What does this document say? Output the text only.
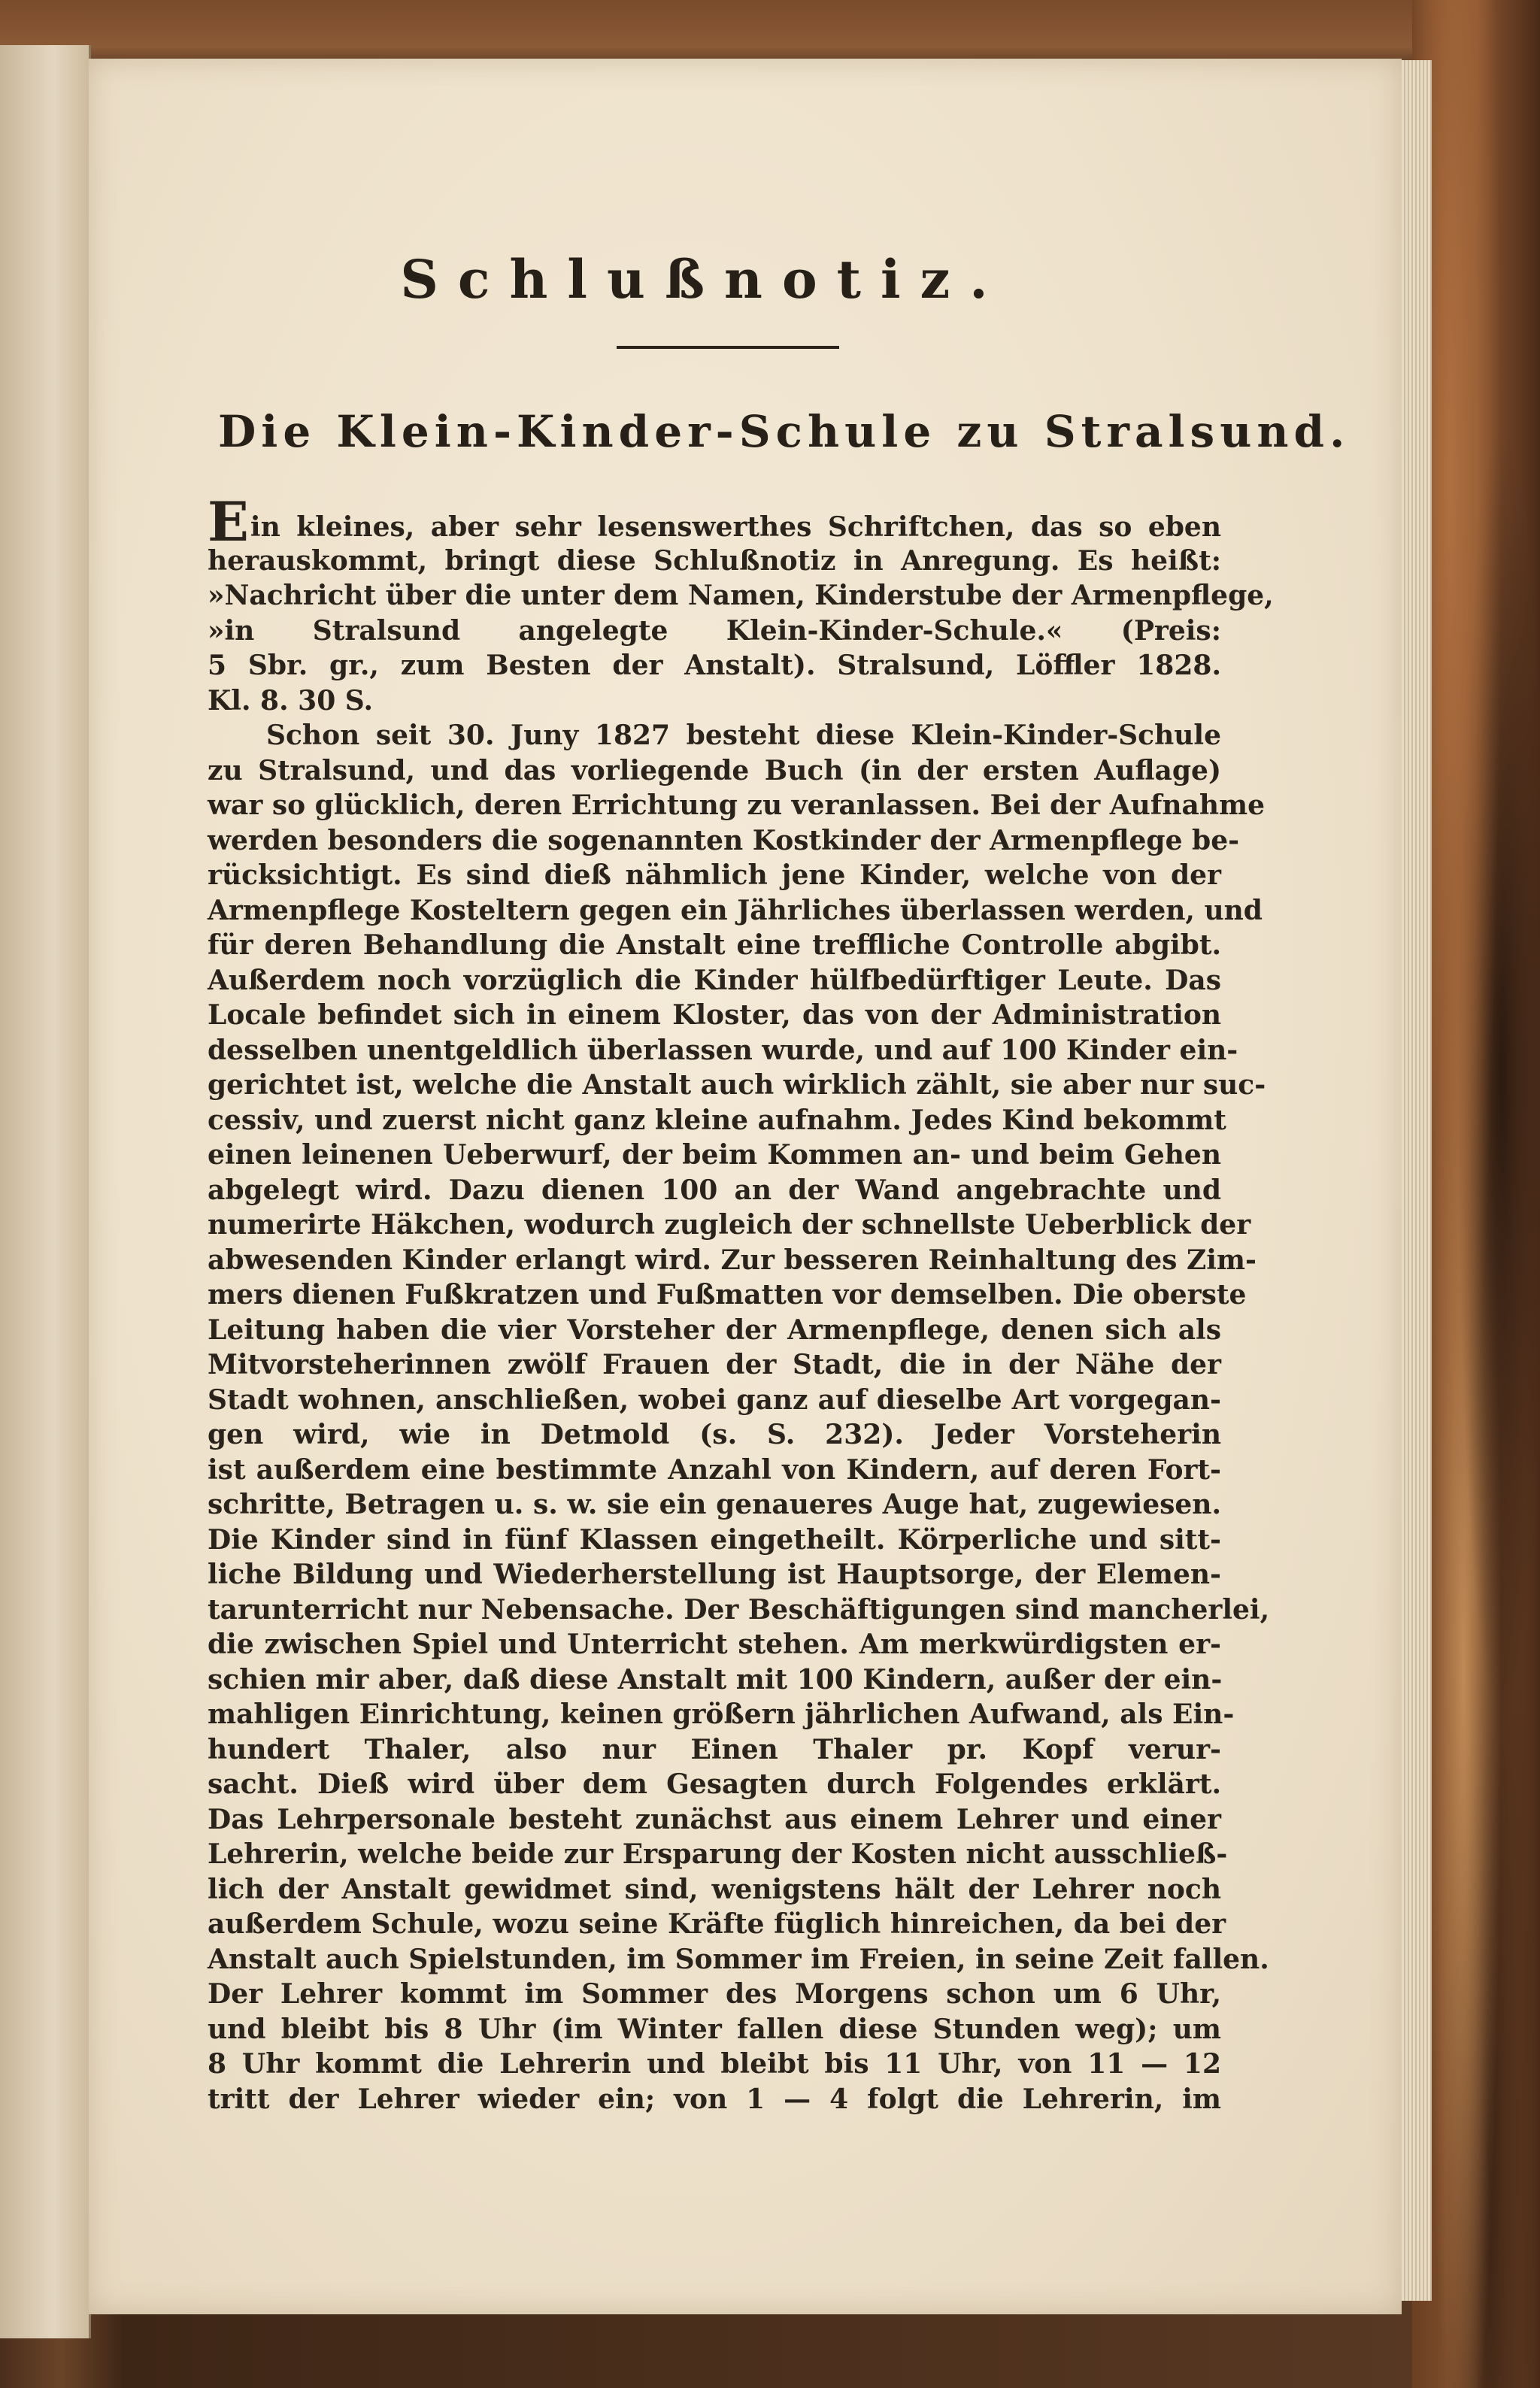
Schlußnotiz.
Die Klein-Kinder-Schule zu Stralsund.
Ein kleines, aber sehr lesenswerthes Schriftchen, das so eben
herauskommt, bringt diese Schlußnotiz in Anregung. Es heißt:
»Nachricht über die unter dem Namen, Kinderstube der Armenpflege,
»in Stralsund angelegte Klein-Kinder-Schule.« (Preis:
5 Sbr. gr., zum Besten der Anstalt). Stralsund, Löffler 1828.
Kl. 8. 30 S.
Schon seit 30. Juny 1827 besteht diese Klein-Kinder-Schule
zu Stralsund, und das vorliegende Buch (in der ersten Auflage)
war so glücklich, deren Errichtung zu veranlassen. Bei der Aufnahme
werden besonders die sogenannten Kostkinder der Armenpflege be-
rücksichtigt. Es sind dieß nähmlich jene Kinder, welche von der
Armenpflege Kosteltern gegen ein Jährliches überlassen werden, und
für deren Behandlung die Anstalt eine treffliche Controlle abgibt.
Außerdem noch vorzüglich die Kinder hülfbedürftiger Leute. Das
Locale befindet sich in einem Kloster, das von der Administration
desselben unentgeldlich überlassen wurde, und auf 100 Kinder ein-
gerichtet ist, welche die Anstalt auch wirklich zählt, sie aber nur suc-
cessiv, und zuerst nicht ganz kleine aufnahm. Jedes Kind bekommt
einen leinenen Ueberwurf, der beim Kommen an- und beim Gehen
abgelegt wird. Dazu dienen 100 an der Wand angebrachte und
numerirte Häkchen, wodurch zugleich der schnellste Ueberblick der
abwesenden Kinder erlangt wird. Zur besseren Reinhaltung des Zim-
mers dienen Fußkratzen und Fußmatten vor demselben. Die oberste
Leitung haben die vier Vorsteher der Armenpflege, denen sich als
Mitvorsteherinnen zwölf Frauen der Stadt, die in der Nähe der
Stadt wohnen, anschließen, wobei ganz auf dieselbe Art vorgegan-
gen wird, wie in Detmold (s. S. 232). Jeder Vorsteherin
ist außerdem eine bestimmte Anzahl von Kindern, auf deren Fort-
schritte, Betragen u. s. w. sie ein genaueres Auge hat, zugewiesen.
Die Kinder sind in fünf Klassen eingetheilt. Körperliche und sitt-
liche Bildung und Wiederherstellung ist Hauptsorge, der Elemen-
tarunterricht nur Nebensache. Der Beschäftigungen sind mancherlei,
die zwischen Spiel und Unterricht stehen. Am merkwürdigsten er-
schien mir aber, daß diese Anstalt mit 100 Kindern, außer der ein-
mahligen Einrichtung, keinen größern jährlichen Aufwand, als Ein-
hundert Thaler, also nur Einen Thaler pr. Kopf verur-
sacht. Dieß wird über dem Gesagten durch Folgendes erklärt.
Das Lehrpersonale besteht zunächst aus einem Lehrer und einer
Lehrerin, welche beide zur Ersparung der Kosten nicht ausschließ-
lich der Anstalt gewidmet sind, wenigstens hält der Lehrer noch
außerdem Schule, wozu seine Kräfte füglich hinreichen, da bei der
Anstalt auch Spielstunden, im Sommer im Freien, in seine Zeit fallen.
Der Lehrer kommt im Sommer des Morgens schon um 6 Uhr,
und bleibt bis 8 Uhr (im Winter fallen diese Stunden weg); um
8 Uhr kommt die Lehrerin und bleibt bis 11 Uhr, von 11 — 12
tritt der Lehrer wieder ein; von 1 — 4 folgt die Lehrerin, im
